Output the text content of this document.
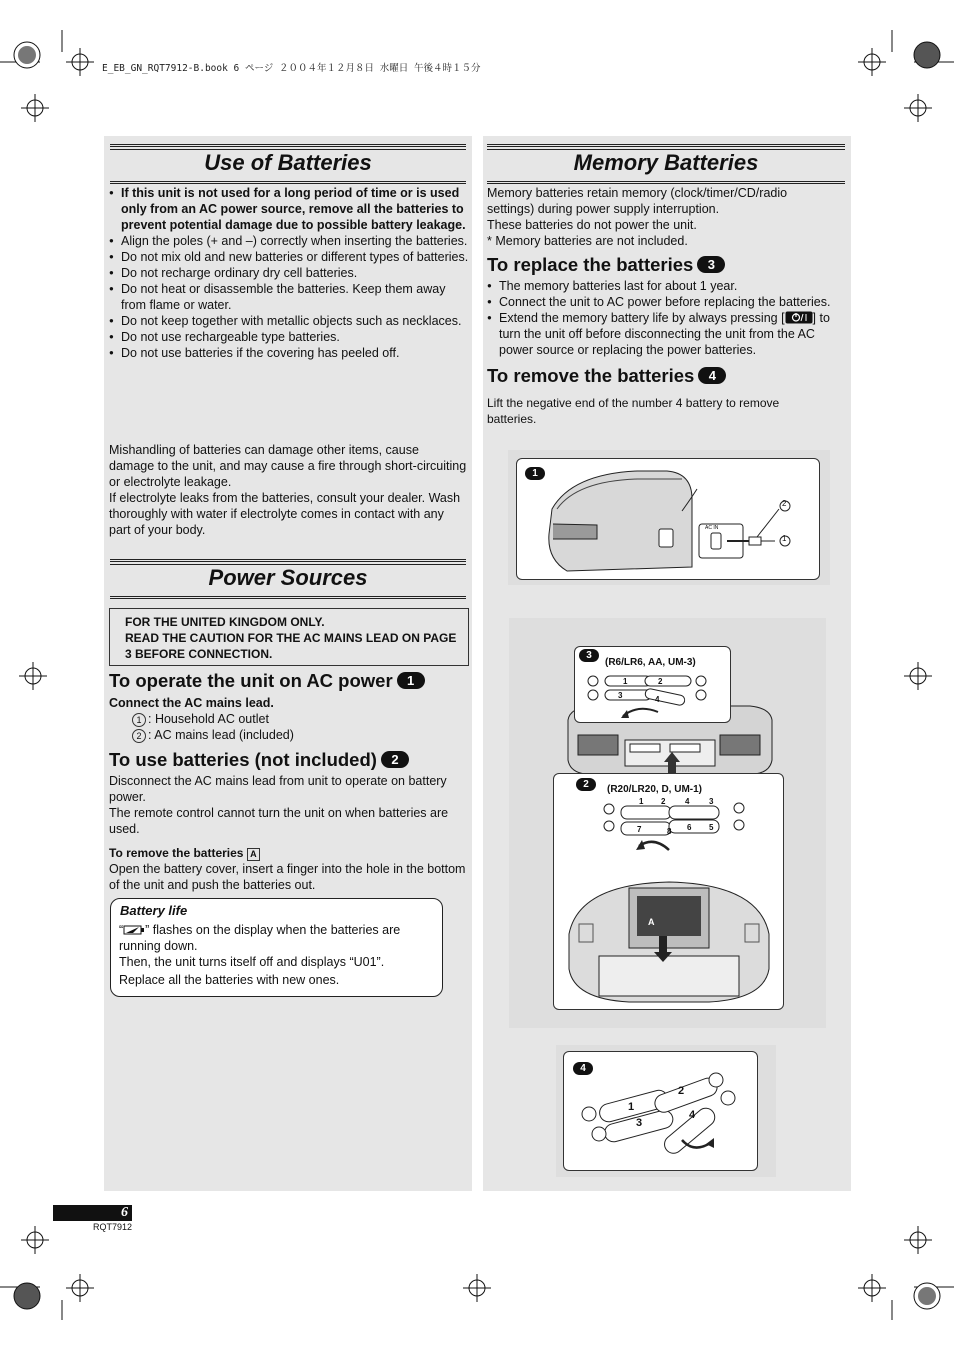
E_EB_GN_RQT7912-B.book 6 ページ ２００４年１２月８日 水曜日 午後４時１５分
Use of Batteries
Power Sources
● If this unit is not used for a long period of time or is used only from an AC power source, remove all the batteries to prevent potential damage due to possible battery leakage.
● Align the poles (+ and –) correctly when inserting the batteries.
● Do not mix old and new batteries or different types of batteries.
● Do not recharge ordinary dry cell batteries.
● Do not heat or disassemble the batteries. Keep them away from flame or water.
● Do not keep together with metallic objects such as necklaces.
● Do not use rechargeable type batteries.
● Do not use batteries if the covering has peeled off.
Mishandling of batteries can damage other items, cause damage to the unit, and may cause a fire through short-circuiting or electrolyte leakage.
If electrolyte leaks from the batteries, consult your dealer. Wash thoroughly with water if electrolyte comes in contact with any part of your body.
FOR THE UNITED KINGDOM ONLY.
READ THE CAUTION FOR THE AC MAINS LEAD ON PAGE 3 BEFORE CONNECTION.
To operate the unit on AC power 1
Connect the AC mains lead.
1 : Household AC outlet
2 : AC mains lead (included)
To use batteries (not included) 2
Disconnect the AC mains lead from unit to operate on battery power.
The remote control cannot turn the unit on when batteries are used.
To remove the batteries A
Open the battery cover, insert a finger into the hole in the bottom of the unit and push the batteries out.
Battery life
“ ” flashes on the display when the batteries are running down.
Then, the unit turns itself off and displays “U01”.
Replace all the batteries with new ones.
Memory Batteries
Memory batteries retain memory (clock/timer/CD/radio settings) during power supply interruption.
These batteries do not power the unit.
* Memory batteries are not included.
To replace the batteries 3
● The memory batteries last for about 1 year.
● Connect the unit to AC power before replacing the batteries.
● Extend the memory battery life by always pressing [ ] to turn the unit off before disconnecting the unit from the AC power source or replacing the power batteries.
To remove the batteries 4
Lift the negative end of the number 4 battery to remove batteries.
1
2
1
AC IN
3
(R6/LR6, AA, UM-3)
1	2
3	4
2	(R20/LR20, D, UM-1)
1 2 4 3
7	8 6 5
A
4
1
3
2
4
6
RQT7912
